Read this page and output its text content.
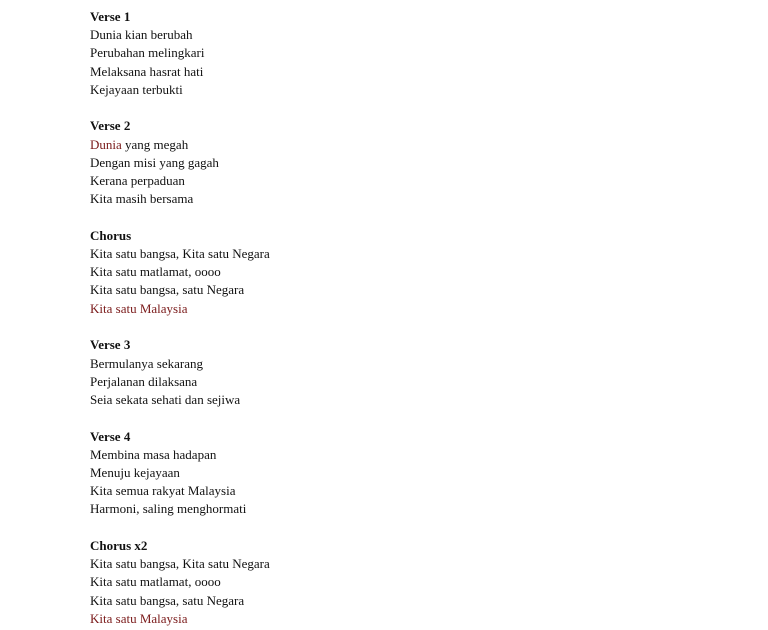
Verse 1
Dunia kian berubah
Perubahan melingkari
Melaksana hasrat hati
Kejayaan terbukti
Verse 2
Dunia yang megah
Dengan misi yang gagah
Kerana perpaduan
Kita masih bersama
Chorus
Kita satu bangsa, Kita satu Negara
Kita satu matlamat, oooo
Kita satu bangsa, satu Negara
Kita satu Malaysia
Verse 3
Bermulanya sekarang
Perjalanan dilaksana
Seia sekata sehati dan sejiwa
Verse 4
Membina masa hadapan
Menuju kejayaan
Kita semua rakyat Malaysia
Harmoni, saling menghormati
Chorus x2
Kita satu bangsa, Kita satu Negara
Kita satu matlamat, oooo
Kita satu bangsa, satu Negara
Kita satu Malaysia
